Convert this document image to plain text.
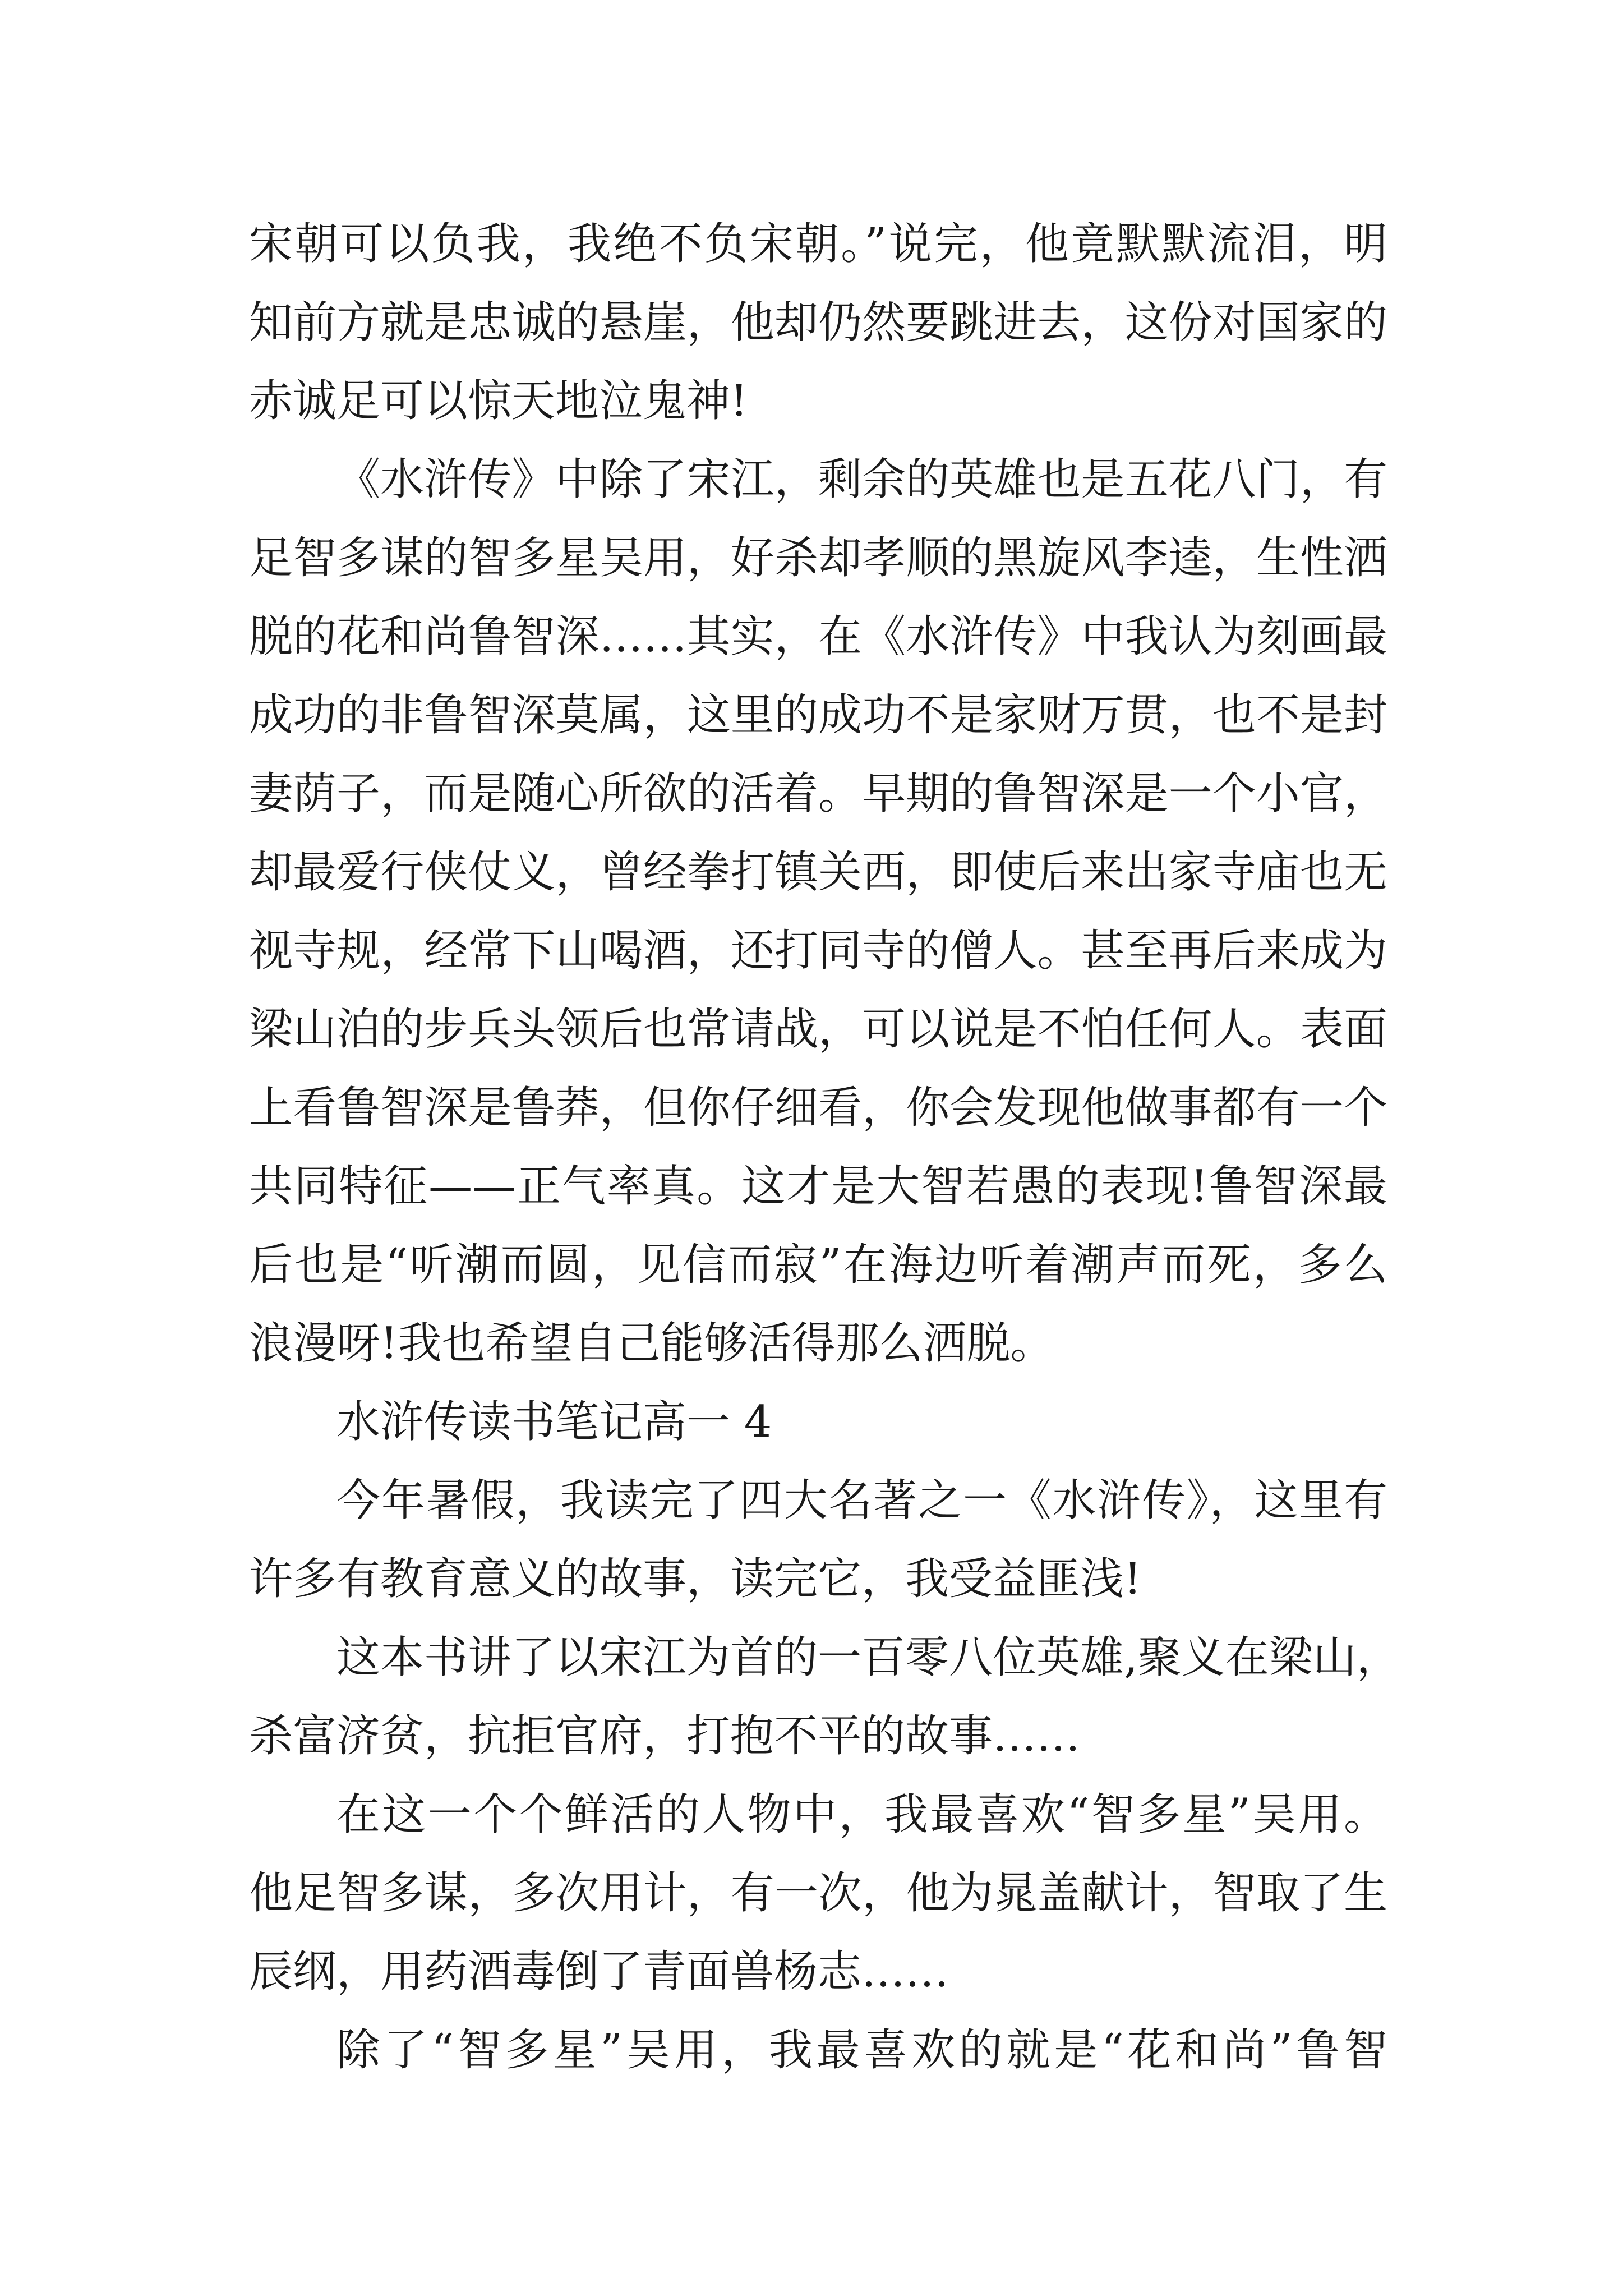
宋朝可以负我，我绝不负宋朝。”说完，他竟默默流泪，明
知前方就是忠诚的悬崖，他却仍然要跳进去，这份对国家的
赤诚足可以惊天地泣鬼神!
《水浒传》中除了宋江，剩余的英雄也是五花八门，有
足智多谋的智多星吴用，好杀却孝顺的黑旋风李逵，生性洒
脱的花和尚鲁智深……其实，在《水浒传》中我认为刻画最
成功的非鲁智深莫属，这里的成功不是家财万贯，也不是封
妻荫子，而是随心所欲的活着。早期的鲁智深是一个小官，
却最爱行侠仗义，曾经拳打镇关西，即使后来出家寺庙也无
视寺规，经常下山喝酒，还打同寺的僧人。甚至再后来成为
梁山泊的步兵头领后也常请战，可以说是不怕任何人。表面
上看鲁智深是鲁莽，但你仔细看，你会发现他做事都有一个
共同特征——正气率真。这才是大智若愚的表现!鲁智深最
后也是“听潮而圆，见信而寂”在海边听着潮声而死，多么
浪漫呀!我也希望自己能够活得那么洒脱。
水浒传读书笔记高一 4
今年暑假，我读完了四大名著之一《水浒传》，这里有
许多有教育意义的故事，读完它，我受益匪浅!
这本书讲了以宋江为首的一百零八位英雄,聚义在梁山，
杀富济贫，抗拒官府，打抱不平的故事……
在这一个个鲜活的人物中，我最喜欢“智多星”吴用。
他足智多谋，多次用计，有一次，他为晁盖献计，智取了生
辰纲，用药酒毒倒了青面兽杨志……
除了“智多星”吴用，我最喜欢的就是“花和尚”鲁智
